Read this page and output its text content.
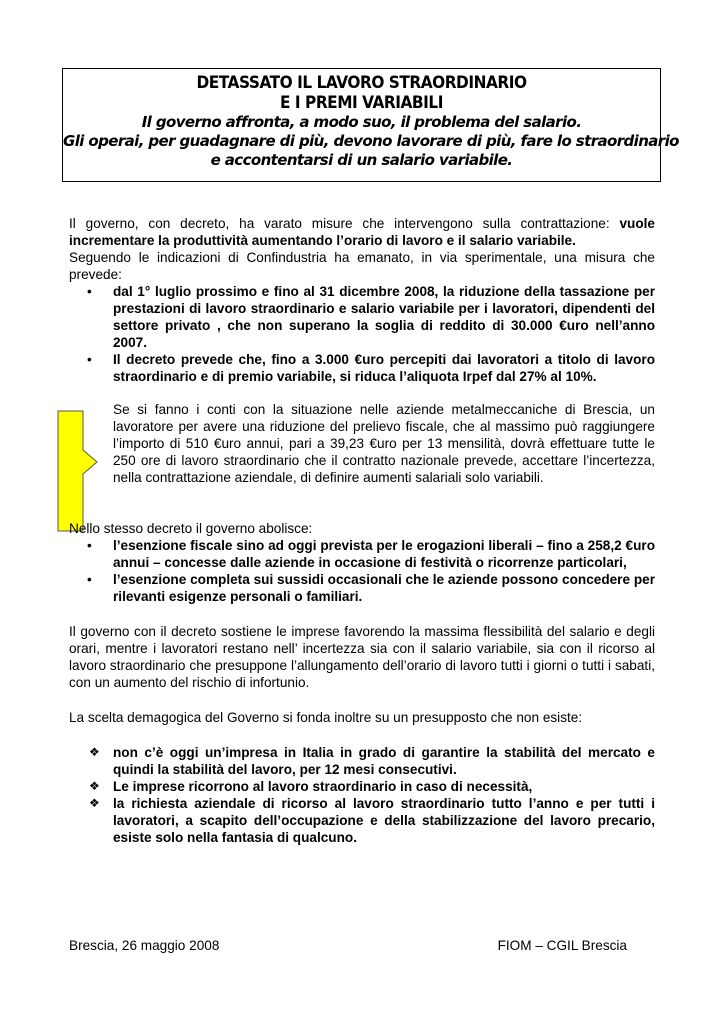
DETASSATO IL LAVORO STRAORDINARIO
E I PREMI VARIABILI
Il governo affronta, a modo suo, il problema del salario.
Gli operai, per guadagnare di più, devono lavorare di più, fare lo straordinario
e accontentarsi di un salario variabile.

Il governo, con decreto, ha varato misure che intervengono sulla contrattazione: vuole incrementare la produttività aumentando l’orario di lavoro e il salario variabile.

Seguendo le indicazioni di Confindustria ha emanato, in via sperimentale, una misura che prevede:

• dal 1° luglio prossimo e fino al 31 dicembre 2008, la riduzione della tassazione per prestazioni di lavoro straordinario e salario variabile per i lavoratori, dipendenti del settore privato , che non superano la soglia di reddito di 30.000 €uro nell’anno 2007.
• Il decreto prevede che, fino a 3.000 €uro percepiti dai lavoratori a titolo di lavoro straordinario e di premio variabile, si riduca l’aliquota Irpef dal 27% al 10%.

Se si fanno i conti con la situazione nelle aziende metalmeccaniche di Brescia, un lavoratore per avere una riduzione del prelievo fiscale, che al massimo può raggiungere l’importo di 510 €uro annui, pari a 39,23 €uro per 13 mensilità, dovrà effettuare tutte le 250 ore di lavoro straordinario che il contratto nazionale prevede, accettare l’incertezza, nella contrattazione aziendale, di definire aumenti salariali solo variabili.

Nello stesso decreto il governo abolisce:

• l’esenzione fiscale sino ad oggi prevista per le erogazioni liberali – fino a 258,2 €uro annui – concesse dalle aziende in occasione di festività o ricorrenze particolari,
• l’esenzione completa sui sussidi occasionali che le aziende possono concedere per rilevanti esigenze personali o familiari.

Il governo con il decreto sostiene le imprese favorendo la massima flessibilità del salario e degli orari, mentre i lavoratori restano nell’ incertezza sia con il salario variabile, sia con il ricorso al lavoro straordinario che presuppone l’allungamento dell’orario di lavoro tutti i giorni o tutti i sabati, con un aumento del rischio di infortunio.

La scelta demagogica del Governo si fonda inoltre su un presupposto che non esiste:

❖ non c’è oggi un’impresa in Italia in grado di garantire la stabilità del mercato e quindi la stabilità del lavoro, per 12 mesi consecutivi.
❖ Le imprese ricorrono al lavoro straordinario in caso di necessità,
❖ la richiesta aziendale di ricorso al lavoro straordinario tutto l’anno e per tutti i lavoratori, a scapito dell’occupazione e della stabilizzazione del lavoro precario, esiste solo nella fantasia di qualcuno.
Brescia, 26 maggio 2008	FIOM – CGIL Brescia
